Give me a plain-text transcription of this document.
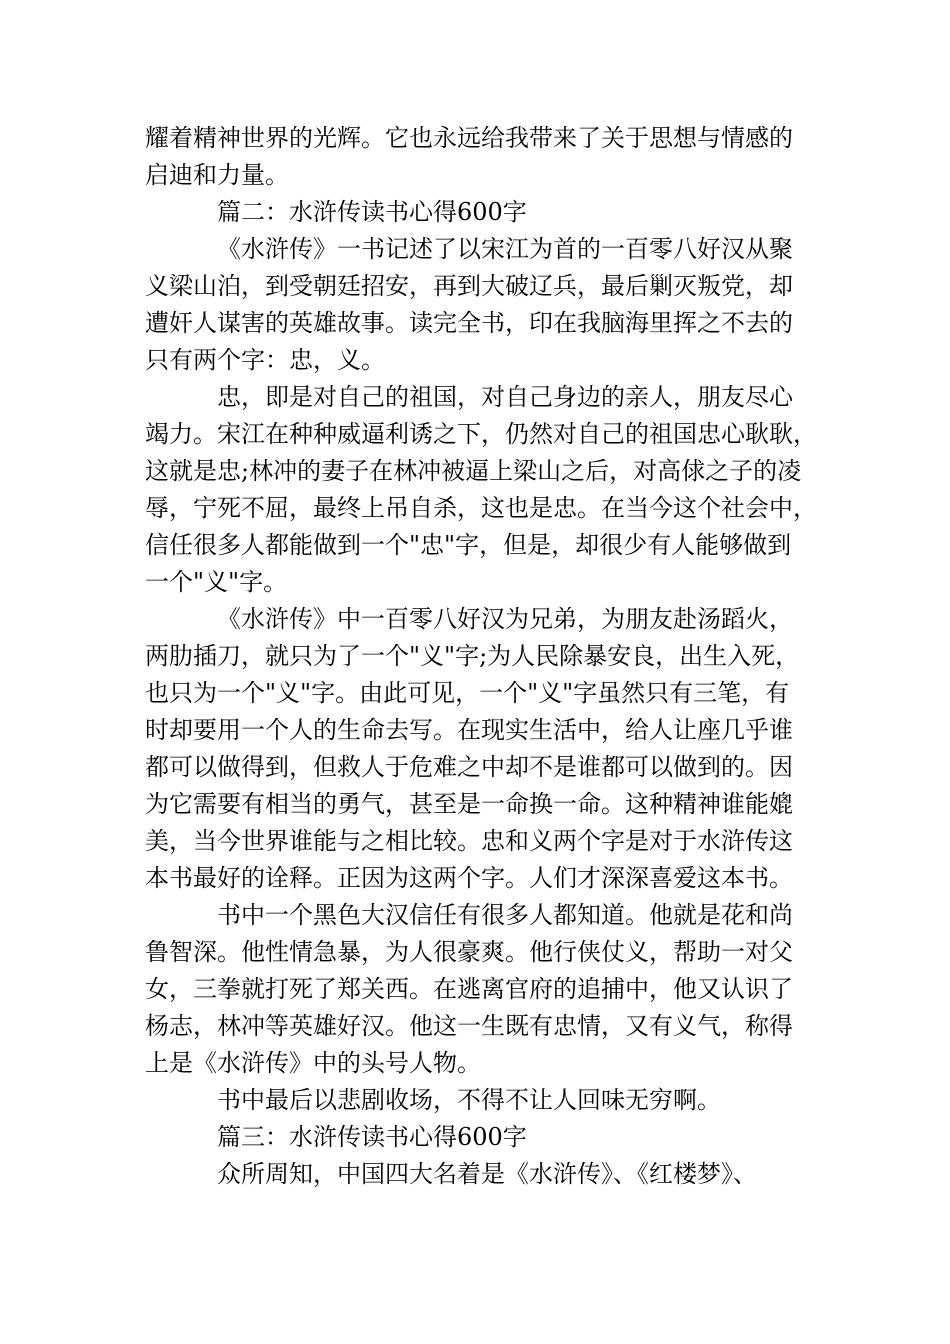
耀着精神世界的光辉。它也永远给我带来了关于思想与情感的
启迪和力量。
篇二：水浒传读书心得600字
《水浒传》一书记述了以宋江为首的一百零八好汉从聚
义梁山泊，到受朝廷招安，再到大破辽兵，最后剿灭叛党，却
遭奸人谋害的英雄故事。读完全书，印在我脑海里挥之不去的
只有两个字：忠，义。
忠，即是对自己的祖国，对自己身边的亲人，朋友尽心
竭力。宋江在种种威逼利诱之下，仍然对自己的祖国忠心耿耿，
这就是忠;林冲的妻子在林冲被逼上梁山之后，对高俅之子的凌
辱，宁死不屈，最终上吊自杀，这也是忠。在当今这个社会中，
信任很多人都能做到一个"忠"字，但是，却很少有人能够做到
一个"义"字。
《水浒传》中一百零八好汉为兄弟，为朋友赴汤蹈火，
两肋插刀，就只为了一个"义"字;为人民除暴安良，出生入死，
也只为一个"义"字。由此可见，一个"义"字虽然只有三笔，有
时却要用一个人的生命去写。在现实生活中，给人让座几乎谁
都可以做得到，但救人于危难之中却不是谁都可以做到的。因
为它需要有相当的勇气，甚至是一命换一命。这种精神谁能媲
美，当今世界谁能与之相比较。忠和义两个字是对于水浒传这
本书最好的诠释。正因为这两个字。人们才深深喜爱这本书。
书中一个黑色大汉信任有很多人都知道。他就是花和尚
鲁智深。他性情急暴，为人很豪爽。他行侠仗义，帮助一对父
女，三拳就打死了郑关西。在逃离官府的追捕中，他又认识了
杨志，林冲等英雄好汉。他这一生既有忠情，又有义气，称得
上是《水浒传》中的头号人物。
书中最后以悲剧收场，不得不让人回味无穷啊。
篇三：水浒传读书心得600字
众所周知，中国四大名着是《水浒传》、《红楼梦》、
